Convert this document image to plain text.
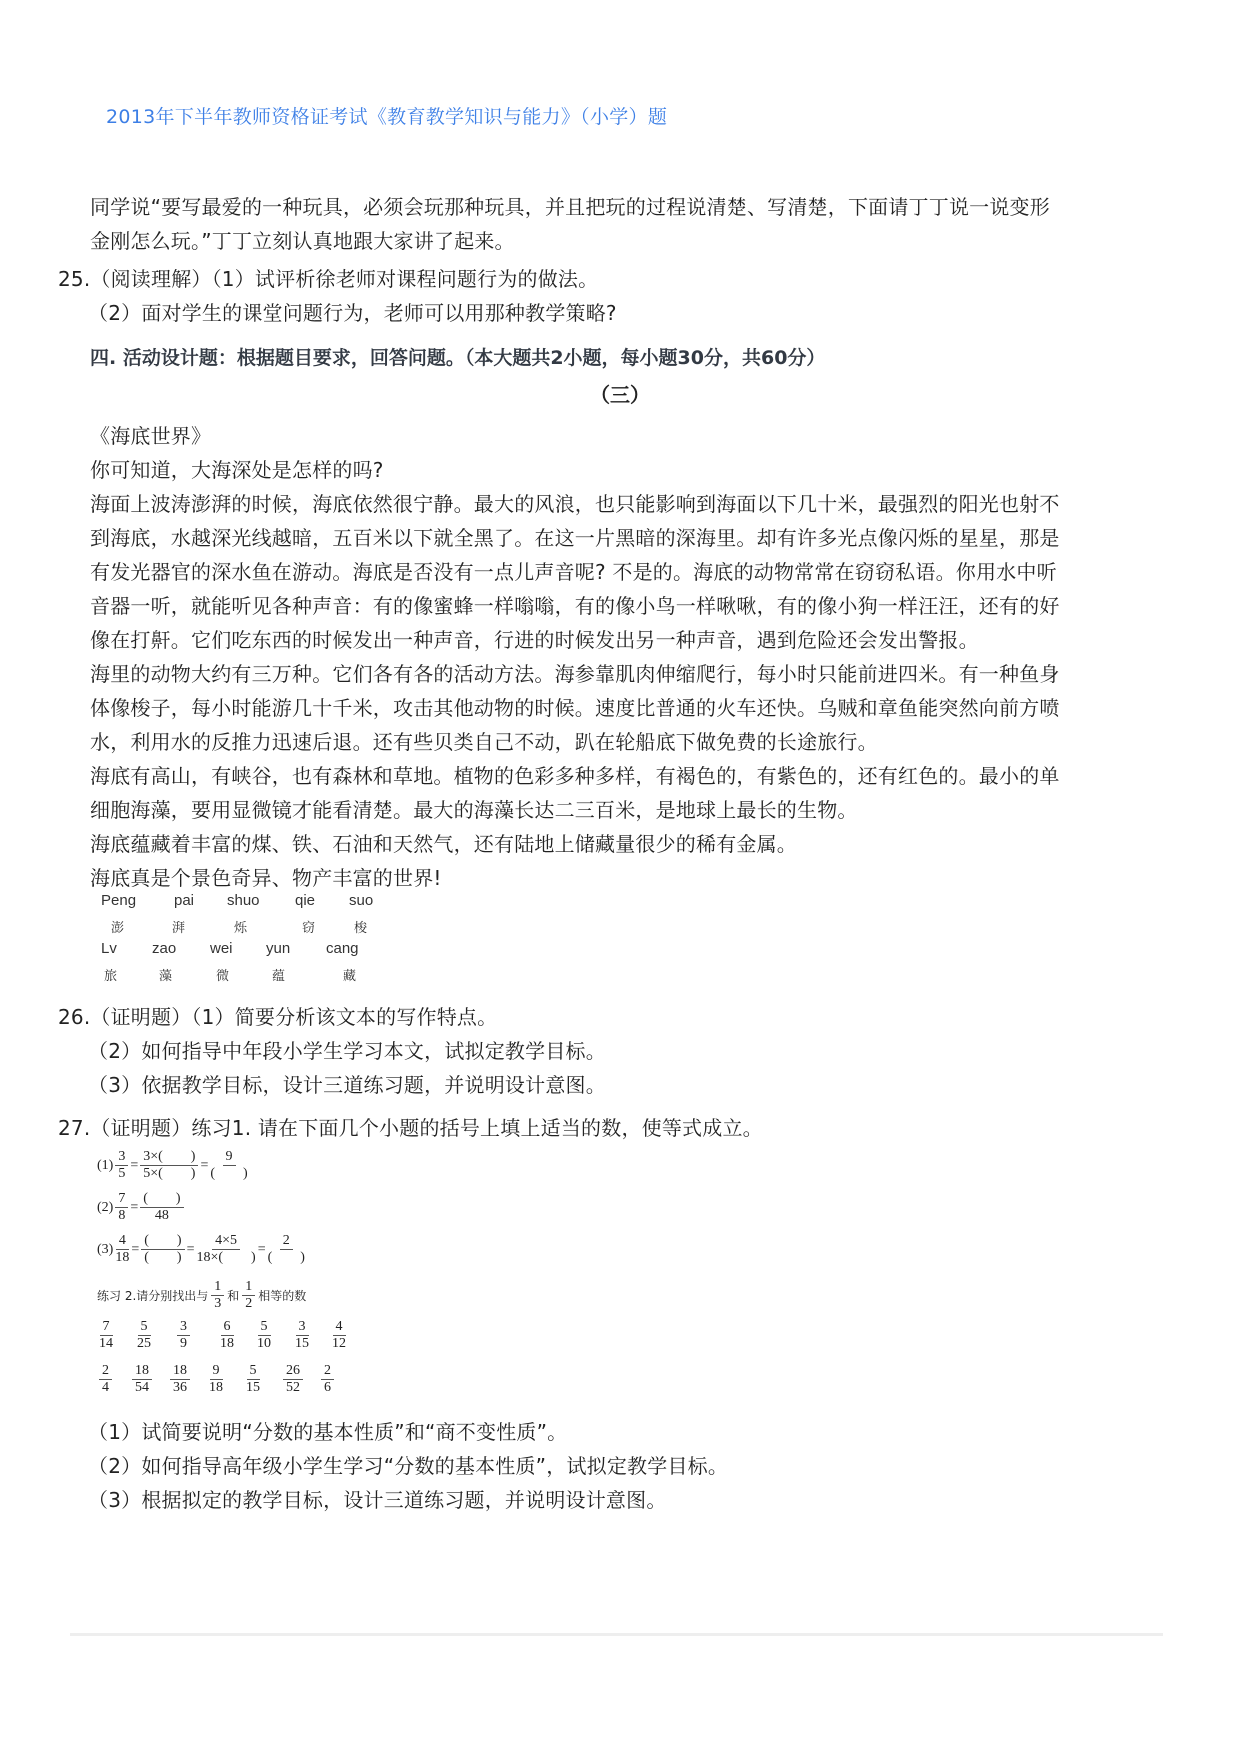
2013年下半年教师资格证考试《教育教学知识与能力》（小学）题
同学说“要写最爱的一种玩具，必须会玩那种玩具，并且把玩的过程说清楚、写清楚，下面请丁丁说一说变形
金刚怎么玩。”丁丁立刻认真地跟大家讲了起来。
25.（阅读理解）（1）试评析徐老师对课程问题行为的做法。
（2）面对学生的课堂问题行为，老师可以用那种教学策略?
四. 活动设计题：根据题目要求，回答问题。（本大题共2小题，每小题30分，共60分）
（三）
《海底世界》
你可知道，大海深处是怎样的吗?
海面上波涛澎湃的时候，海底依然很宁静。最大的风浪，也只能影响到海面以下几十米，最强烈的阳光也射不
到海底，水越深光线越暗，五百米以下就全黑了。在这一片黑暗的深海里。却有许多光点像闪烁的星星，那是
有发光器官的深水鱼在游动。海底是否没有一点儿声音呢? 不是的。海底的动物常常在窃窃私语。你用水中听
音器一听，就能听见各种声音：有的像蜜蜂一样嗡嗡，有的像小鸟一样啾啾，有的像小狗一样汪汪，还有的好
像在打鼾。它们吃东西的时候发出一种声音，行进的时候发出另一种声音，遇到危险还会发出警报。
海里的动物大约有三万种。它们各有各的活动方法。海参靠肌肉伸缩爬行，每小时只能前进四米。有一种鱼身
体像梭子，每小时能游几十千米，攻击其他动物的时候。速度比普通的火车还快。乌贼和章鱼能突然向前方喷
水，利用水的反推力迅速后退。还有些贝类自己不动，趴在轮船底下做免费的长途旅行。
海底有高山，有峡谷，也有森林和草地。植物的色彩多种多样，有褐色的，有紫色的，还有红色的。最小的单
细胞海藻，要用显微镜才能看清楚。最大的海藻长达二三百米，是地球上最长的生物。
海底蕴藏着丰富的煤、铁、石油和天然气，还有陆地上储藏量很少的稀有金属。
海底真是个景色奇异、物产丰富的世界!
Peng	pai shuo qie suo
澎	湃	烁	窃	梭
Lv zao wei yun cang
旅	藻	微	蕴	藏
26.（证明题）（1）简要分析该文本的写作特点。
（2）如何指导中年段小学生学习本文，试拟定教学目标。
（3）依据教学目标，设计三道练习题，并说明设计意图。
27.（证明题）练习1. 请在下面几个小题的括号上填上适当的数，使等式成立。
$(1) \frac{3}{5} = \frac{3\times( )}{5\times( )} = \frac{9}{( )}$
$(2) \frac{7}{8} = \frac{( )}{48}$
$(3) \frac{4}{18} = \frac{( )}{( )} = \frac{4\times 5}{18\times( )} = \frac{2}{( )}$
练习 2.请分别找出与 $\frac{1}{3}$ 和 $\frac{1}{2}$ 相等的数
$\frac{7}{14} \frac{5}{25} \frac{3}{9} \frac{6}{18} \frac{5}{10} \frac{3}{15} \frac{4}{12}$
$\frac{2}{4} \frac{18}{54} \frac{18}{36} \frac{9}{18} \frac{5}{15} \frac{26}{52} \frac{2}{6}$
（1）试简要说明“分数的基本性质”和“商不变性质”。
（2）如何指导高年级小学生学习“分数的基本性质”，试拟定教学目标。
（3）根据拟定的教学目标，设计三道练习题，并说明设计意图。
